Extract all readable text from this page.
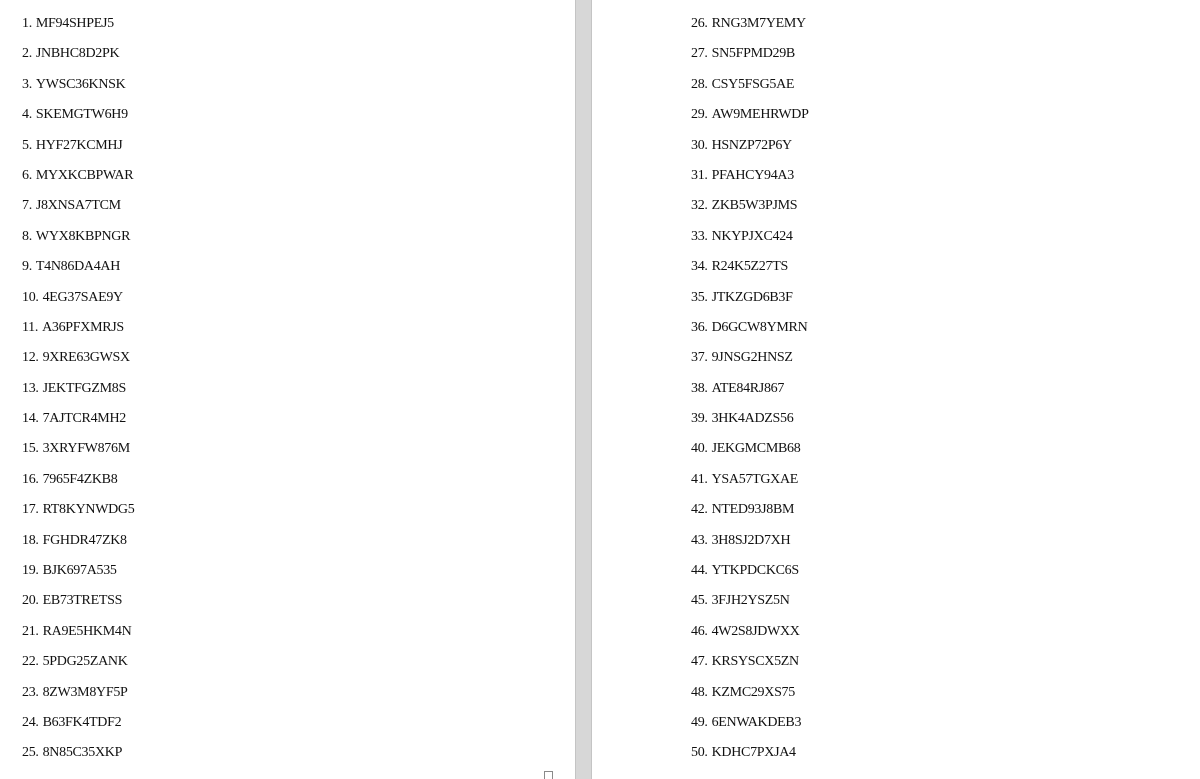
1. MF94SHPEJ5
2. JNBHC8D2PK
3. YWSC36KNSK
4. SKEMGTW6H9
5. HYF27KCMHJ
6. MYXKCBPWAR
7. J8XNSA7TCM
8. WYX8KBPNGR
9. T4N86DA4AH
10. 4EG37SAE9Y
11. A36PFXMRJS
12. 9XRE63GWSX
13. JEKTFGZM8S
14. 7AJTCR4MH2
15. 3XRYFW876M
16. 7965F4ZKB8
17. RT8KYNWDG5
18. FGHDR47ZK8
19. BJK697A535
20. EB73TRETSS
21. RA9E5HKM4N
22. 5PDG25ZANK
23. 8ZW3M8YF5P
24. B63FK4TDF2
25. 8N85C35XKP
26. RNG3M7YEMY
27. SN5FPMD29B
28. CSY5FSG5AE
29. AW9MEHRWDP
30. HSNZP72P6Y
31. PFAHCY94A3
32. ZKB5W3PJMS
33. NKYPJXC424
34. R24K5Z27TS
35. JTKZGD6B3F
36. D6GCW8YMRN
37. 9JNSG2HNSZ
38. ATE84RJ867
39. 3HK4ADZS56
40. JEKGMCMB68
41. YSA57TGXAE
42. NTED93J8BM
43. 3H8SJ2D7XH
44. YTKPDCKC6S
45. 3FJH2YSZ5N
46. 4W2S8JDWXX
47. KRSYSCX5ZN
48. KZMC29XS75
49. 6ENWAKDEB3
50. KDHC7PXJA4
